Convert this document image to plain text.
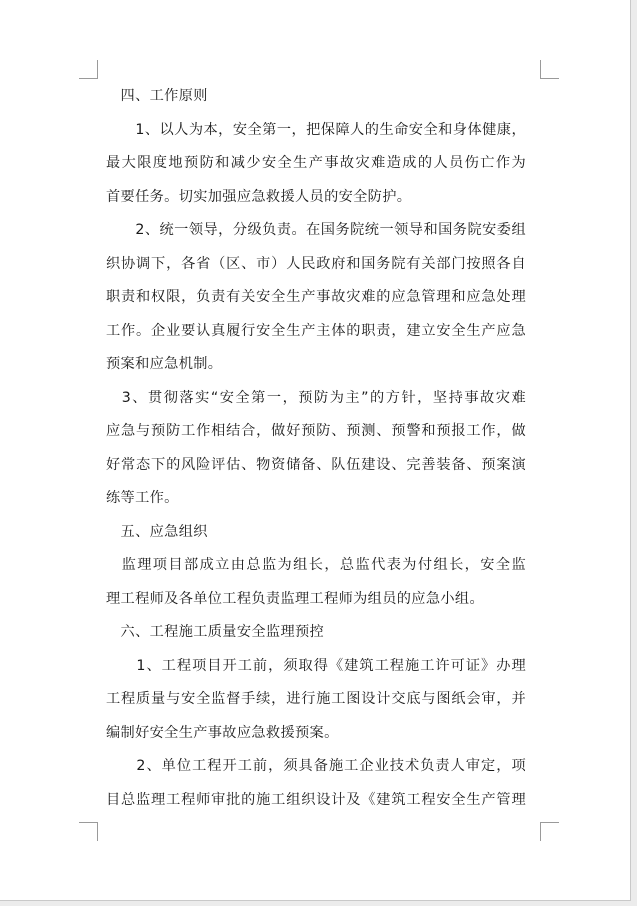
　四、工作原则
　　1、以人为本，安全第一，把保障人的生命安全和身体健康，
最大限度地预防和减少安全生产事故灾难造成的人员伤亡作为
首要任务。切实加强应急救援人员的安全防护。
　　2、统一领导，分级负责。在国务院统一领导和国务院安委组
织协调下，各省（区、市）人民政府和国务院有关部门按照各自
职责和权限，负责有关安全生产事故灾难的应急管理和应急处理
工作。企业要认真履行安全生产主体的职责，建立安全生产应急
预案和应急机制。
　3、贯彻落实“安全第一，预防为主”的方针，坚持事故灾难
应急与预防工作相结合，做好预防、预测、预警和预报工作，做
好常态下的风险评估、物资储备、队伍建设、完善装备、预案演
练等工作。
　五、应急组织
　监理项目部成立由总监为组长，总监代表为付组长，安全监
理工程师及各单位工程负责监理工程师为组员的应急小组。
　六、工程施工质量安全监理预控
　　1、工程项目开工前，须取得《建筑工程施工许可证》办理
工程质量与安全监督手续，进行施工图设计交底与图纸会审，并
编制好安全生产事故应急救援预案。
　　2、单位工程开工前，须具备施工企业技术负责人审定，项
目总监理工程师审批的施工组织设计及《建筑工程安全生产管理
